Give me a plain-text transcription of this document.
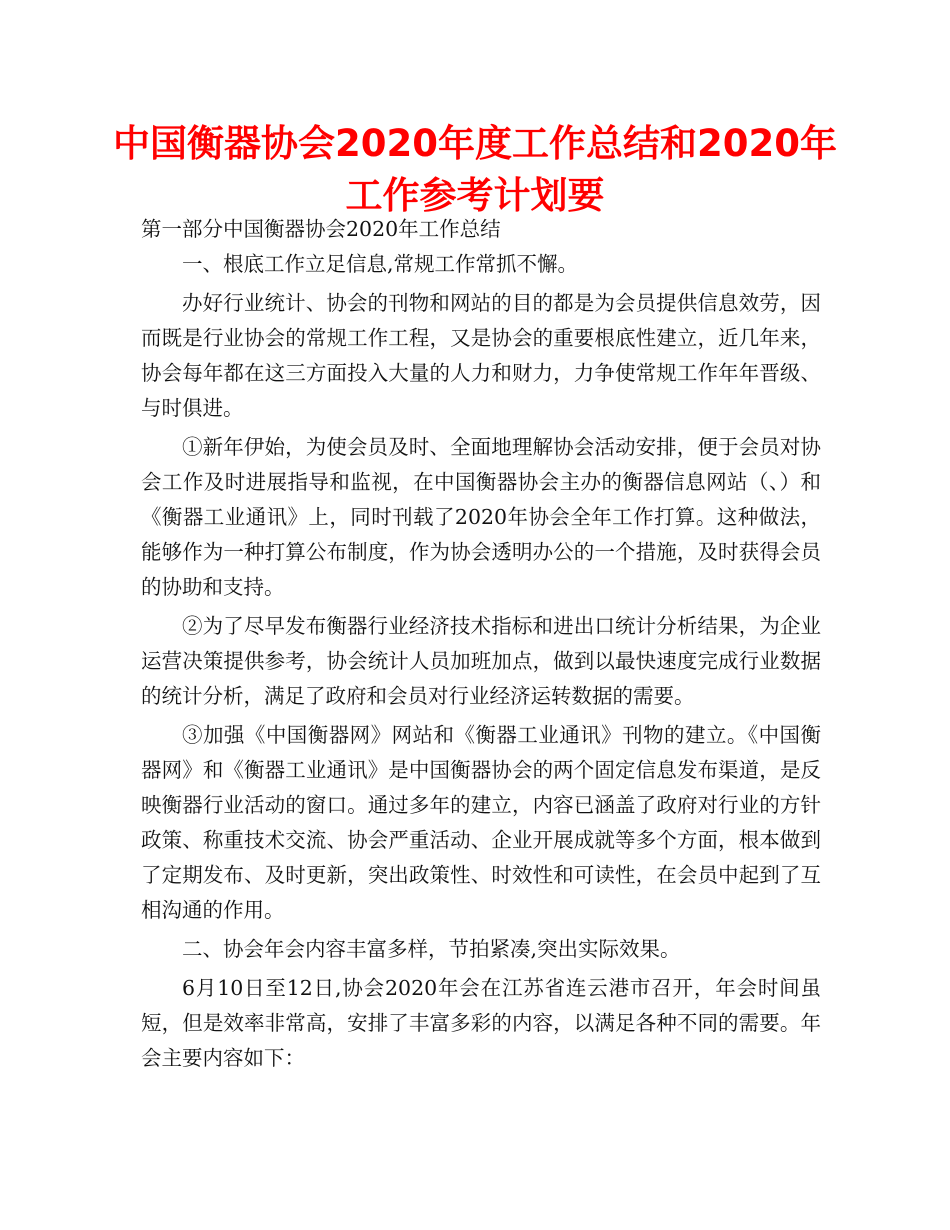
中国衡器协会2020年度工作总结和2020年工作参考计划要

第一部分中国衡器协会2020年工作总结

一、根底工作立足信息,常规工作常抓不懈。

办好行业统计、协会的刊物和网站的目的都是为会员提供信息效劳，因而既是行业协会的常规工作工程，又是协会的重要根底性建立，近几年来，协会每年都在这三方面投入大量的人力和财力，力争使常规工作年年晋级、与时俱进。

①新年伊始，为使会员及时、全面地理解协会活动安排，便于会员对协会工作及时进展指导和监视，在中国衡器协会主办的衡器信息网站（、）和《衡器工业通讯》上，同时刊载了2020年协会全年工作打算。这种做法，能够作为一种打算公布制度，作为协会透明办公的一个措施，及时获得会员的协助和支持。

②为了尽早发布衡器行业经济技术指标和进出口统计分析结果，为企业运营决策提供参考，协会统计人员加班加点，做到以最快速度完成行业数据的统计分析，满足了政府和会员对行业经济运转数据的需要。

③加强《中国衡器网》网站和《衡器工业通讯》刊物的建立。《中国衡器网》和《衡器工业通讯》是中国衡器协会的两个固定信息发布渠道，是反映衡器行业活动的窗口。通过多年的建立，内容已涵盖了政府对行业的方针政策、称重技术交流、协会严重活动、企业开展成就等多个方面，根本做到了定期发布、及时更新，突出政策性、时效性和可读性，在会员中起到了互相沟通的作用。

二、协会年会内容丰富多样，节拍紧凑,突出实际效果。

6月10日至12日,协会2020年会在江苏省连云港市召开，年会时间虽短，但是效率非常高，安排了丰富多彩的内容，以满足各种不同的需要。年会主要内容如下：
